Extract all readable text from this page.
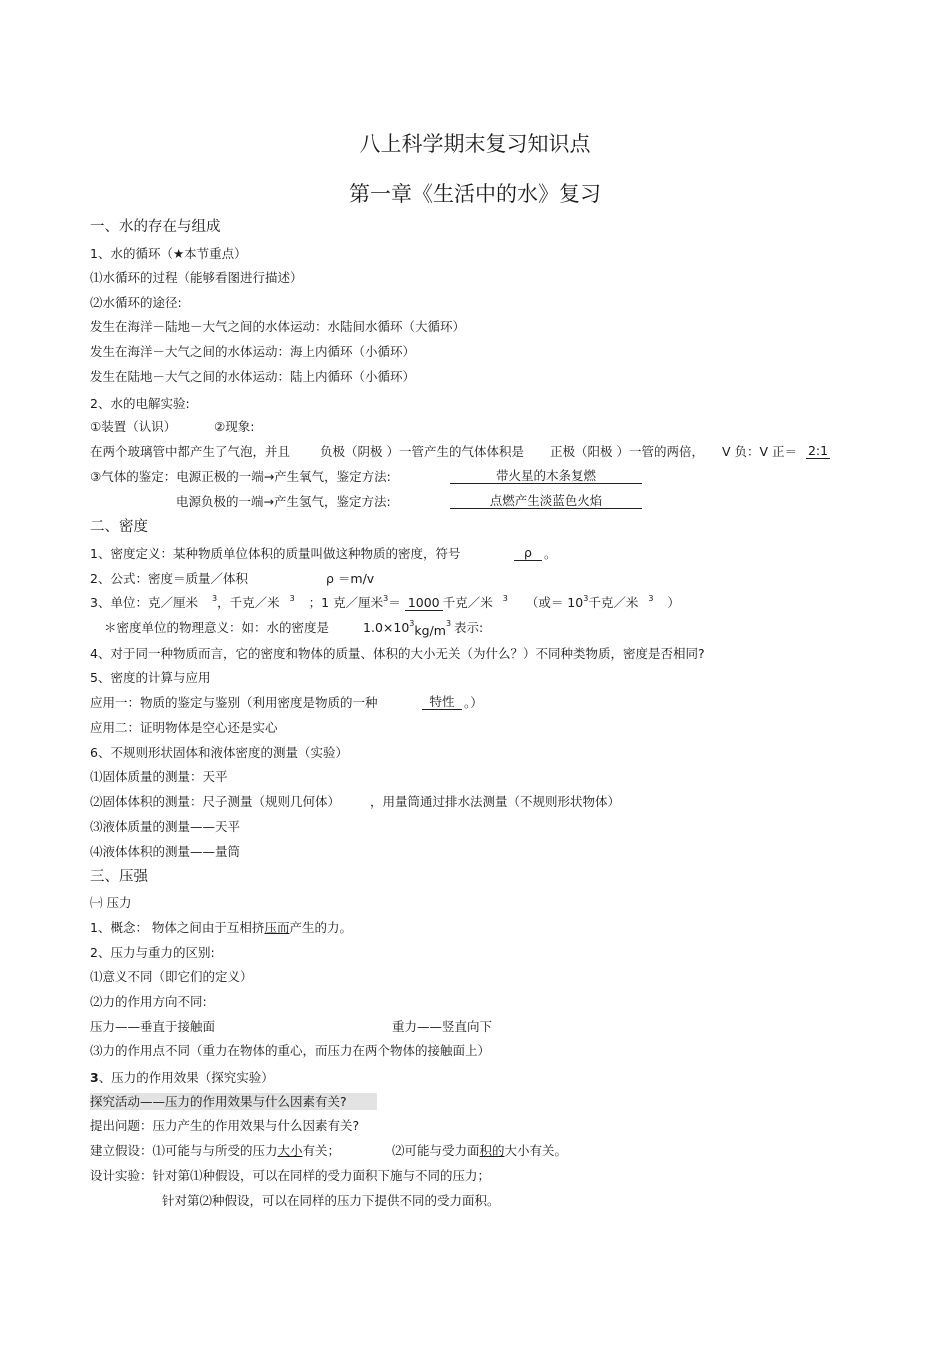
八上科学期末复习知识点
第一章《生活中的水》复习
一、水的存在与组成
1、水的循环（★本节重点）
⑴水循环的过程（能够看图进行描述）
⑵水循环的途径:
发生在海洋－陆地－大气之间的水体运动：水陆间水循环（大循环）
发生在海洋－大气之间的水体运动：海上内循环（小循环）
发生在陆地－大气之间的水体运动：陆上内循环（小循环）
2、水的电解实验:
①装置（认识）	②现象:
在两个玻璃管中都产生了气泡，并且 负极（阴极 ）一管产生的气体体积是 正极（阳极 ）一管的两倍， V 负：V 正＝ 2:1
③气体的鉴定：电源正极的一端→产生氧气，鉴定方法:	带火星的木条复燃
电源负极的一端→产生氢气，鉴定方法:	点燃产生淡蓝色火焰
二、密度
1、密度定义：某种物质单位体积的质量叫做这种物质的密度，符号	ρ 。
2、公式：密度＝质量／体积	ρ ＝m/v
3、单位：克／厘米 $^3$，千克／米 $^3$ ；1 克／厘米$^3$＝ 1000 千克／米 $^3$ （或＝ $10^3$千克／米 $^3$ ）
＊密度单位的物理意义：如：水的密度是	$1.0\times 10^3kg/m^3$ 表示:
4、对于同一种物质而言，它的密度和物体的质量、体积的大小无关（为什么？）不同种类物质，密度是否相同?
5、密度的计算与应用
应用一：物质的鉴定与鉴别（利用密度是物质的一种	特性 。）
应用二：证明物体是空心还是实心
6、不规则形状固体和液体密度的测量（实验）
⑴固体质量的测量：天平
⑵固体体积的测量：尺子测量（规则几何体） ，用量筒通过排水法测量（不规则形状物体）
⑶液体质量的测量——天平
⑷液体体积的测量——量筒
三、压强
㈠ 压力
1、概念： 物体之间由于互相挤压而产生的力。
2、压力与重力的区别:
⑴意义不同（即它们的定义）
⑵力的作用方向不同:
压力——垂直于接触面	重力——竖直向下
⑶力的作用点不同（重力在物体的重心，而压力在两个物体的接触面上）
3、压力的作用效果（探究实验）
探究活动——压力的作用效果与什么因素有关?
提出问题：压力产生的作用效果与什么因素有关?
建立假设：⑴可能与与所受的压力大小有关；	⑵可能与受力面积的大小有关。
设计实验：针对第⑴种假设，可以在同样的受力面积下施与不同的压力；
针对第⑵种假设，可以在同样的压力下提供不同的受力面积。
